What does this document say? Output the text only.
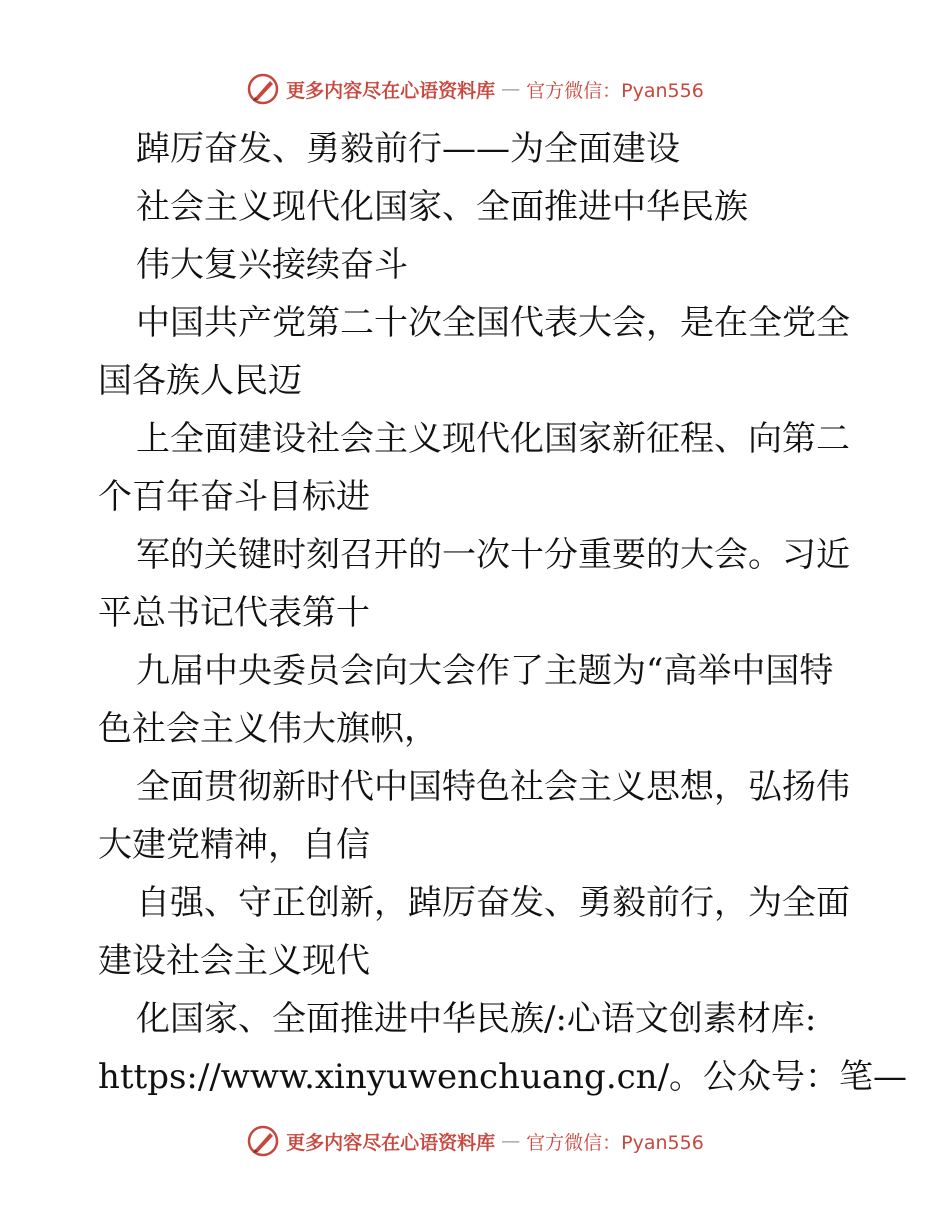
更多内容尽在心语资料库 — 官方微信：Pyan556
踔厉奋发、勇毅前行——为全面建设
社会主义现代化国家、全面推进中华民族
伟大复兴接续奋斗
中国共产党第二十次全国代表大会，是在全党全
国各族人民迈
上全面建设社会主义现代化国家新征程、向第二
个百年奋斗目标进
军的关键时刻召开的一次十分重要的大会。习近
平总书记代表第十
九届中央委员会向大会作了主题为“高举中国特
色社会主义伟大旗帜，
全面贯彻新时代中国特色社会主义思想，弘扬伟
大建党精神，自信
自强、守正创新，踔厉奋发、勇毅前行，为全面
建设社会主义现代
化国家、全面推进中华民族/:心语文创素材库:
https://www.xinyuwenchuang.cn/。公众号：笔—
更多内容尽在心语资料库 — 官方微信：Pyan556
